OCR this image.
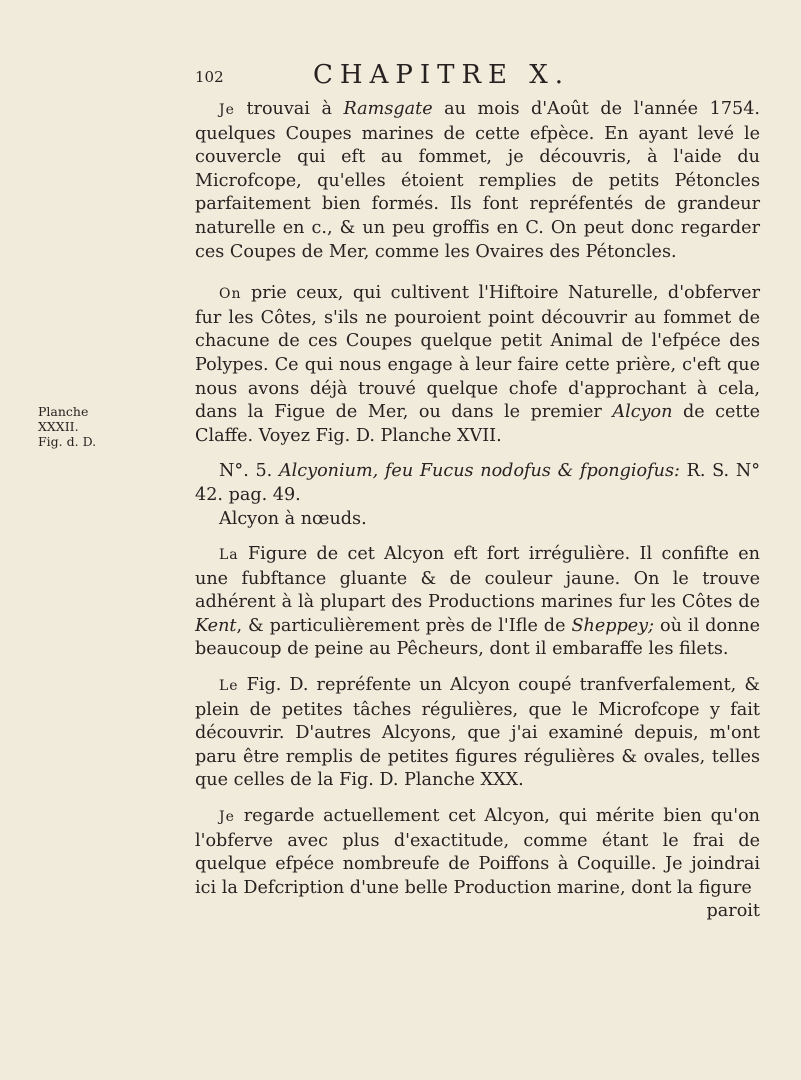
102	CHAPITRE X.
Planche
XXXII.
Fig. d. D.

Je trouvai à Ramsgate au mois d'Août de l'année 1754. quelques Coupes marines de cette efpèce. En ayant levé le couvercle qui eft au fommet, je découvris, à l'aide du Microfcope, qu'elles étoient remplies de petits Pétoncles parfaitement bien formés. Ils font repréfentés de grandeur naturelle en c., & un peu groffis en C. On peut donc regarder ces Coupes de Mer, comme les Ovaires des Pétoncles.

On prie ceux, qui cultivent l'Hiftoire Naturelle, d'obferver fur les Côtes, s'ils ne pouroient point découvrir au fommet de chacune de ces Coupes quelque petit Animal de l'efpéce des Polypes. Ce qui nous engage à leur faire cette prière, c'eft que nous avons déjà trouvé quelque chofe d'approchant à cela, dans la Figue de Mer, ou dans le premier Alcyon de cette Claffe. Voyez Fig. D. Planche XVII.

N°. 5. Alcyonium, feu Fucus nodofus & fpongiofus: R. S. N° 42. pag. 49.
Alcyon à nœuds.

La Figure de cet Alcyon eft fort irrégulière. Il confifte en une fubftance gluante & de couleur jaune. On le trouve adhérent à là plupart des Productions marines fur les Côtes de Kent, & particulièrement près de l'Ifle de Sheppey; où il donne beaucoup de peine au Pêcheurs, dont il embaraffe les filets.

Le Fig. D. repréfente un Alcyon coupé tranfverfalement, & plein de petites tâches régulières, que le Microfcope y fait découvrir. D'autres Alcyons, que j'ai examiné depuis, m'ont paru être remplis de petites figures régulières & ovales, telles que celles de la Fig. D. Planche XXX.

Je regarde actuellement cet Alcyon, qui mérite bien qu'on l'obferve avec plus d'exactitude, comme étant le frai de quelque efpéce nombreufe de Poiffons à Coquille. Je joindrai ici la Defcription d'une belle Production marine, dont la figure

paroit
